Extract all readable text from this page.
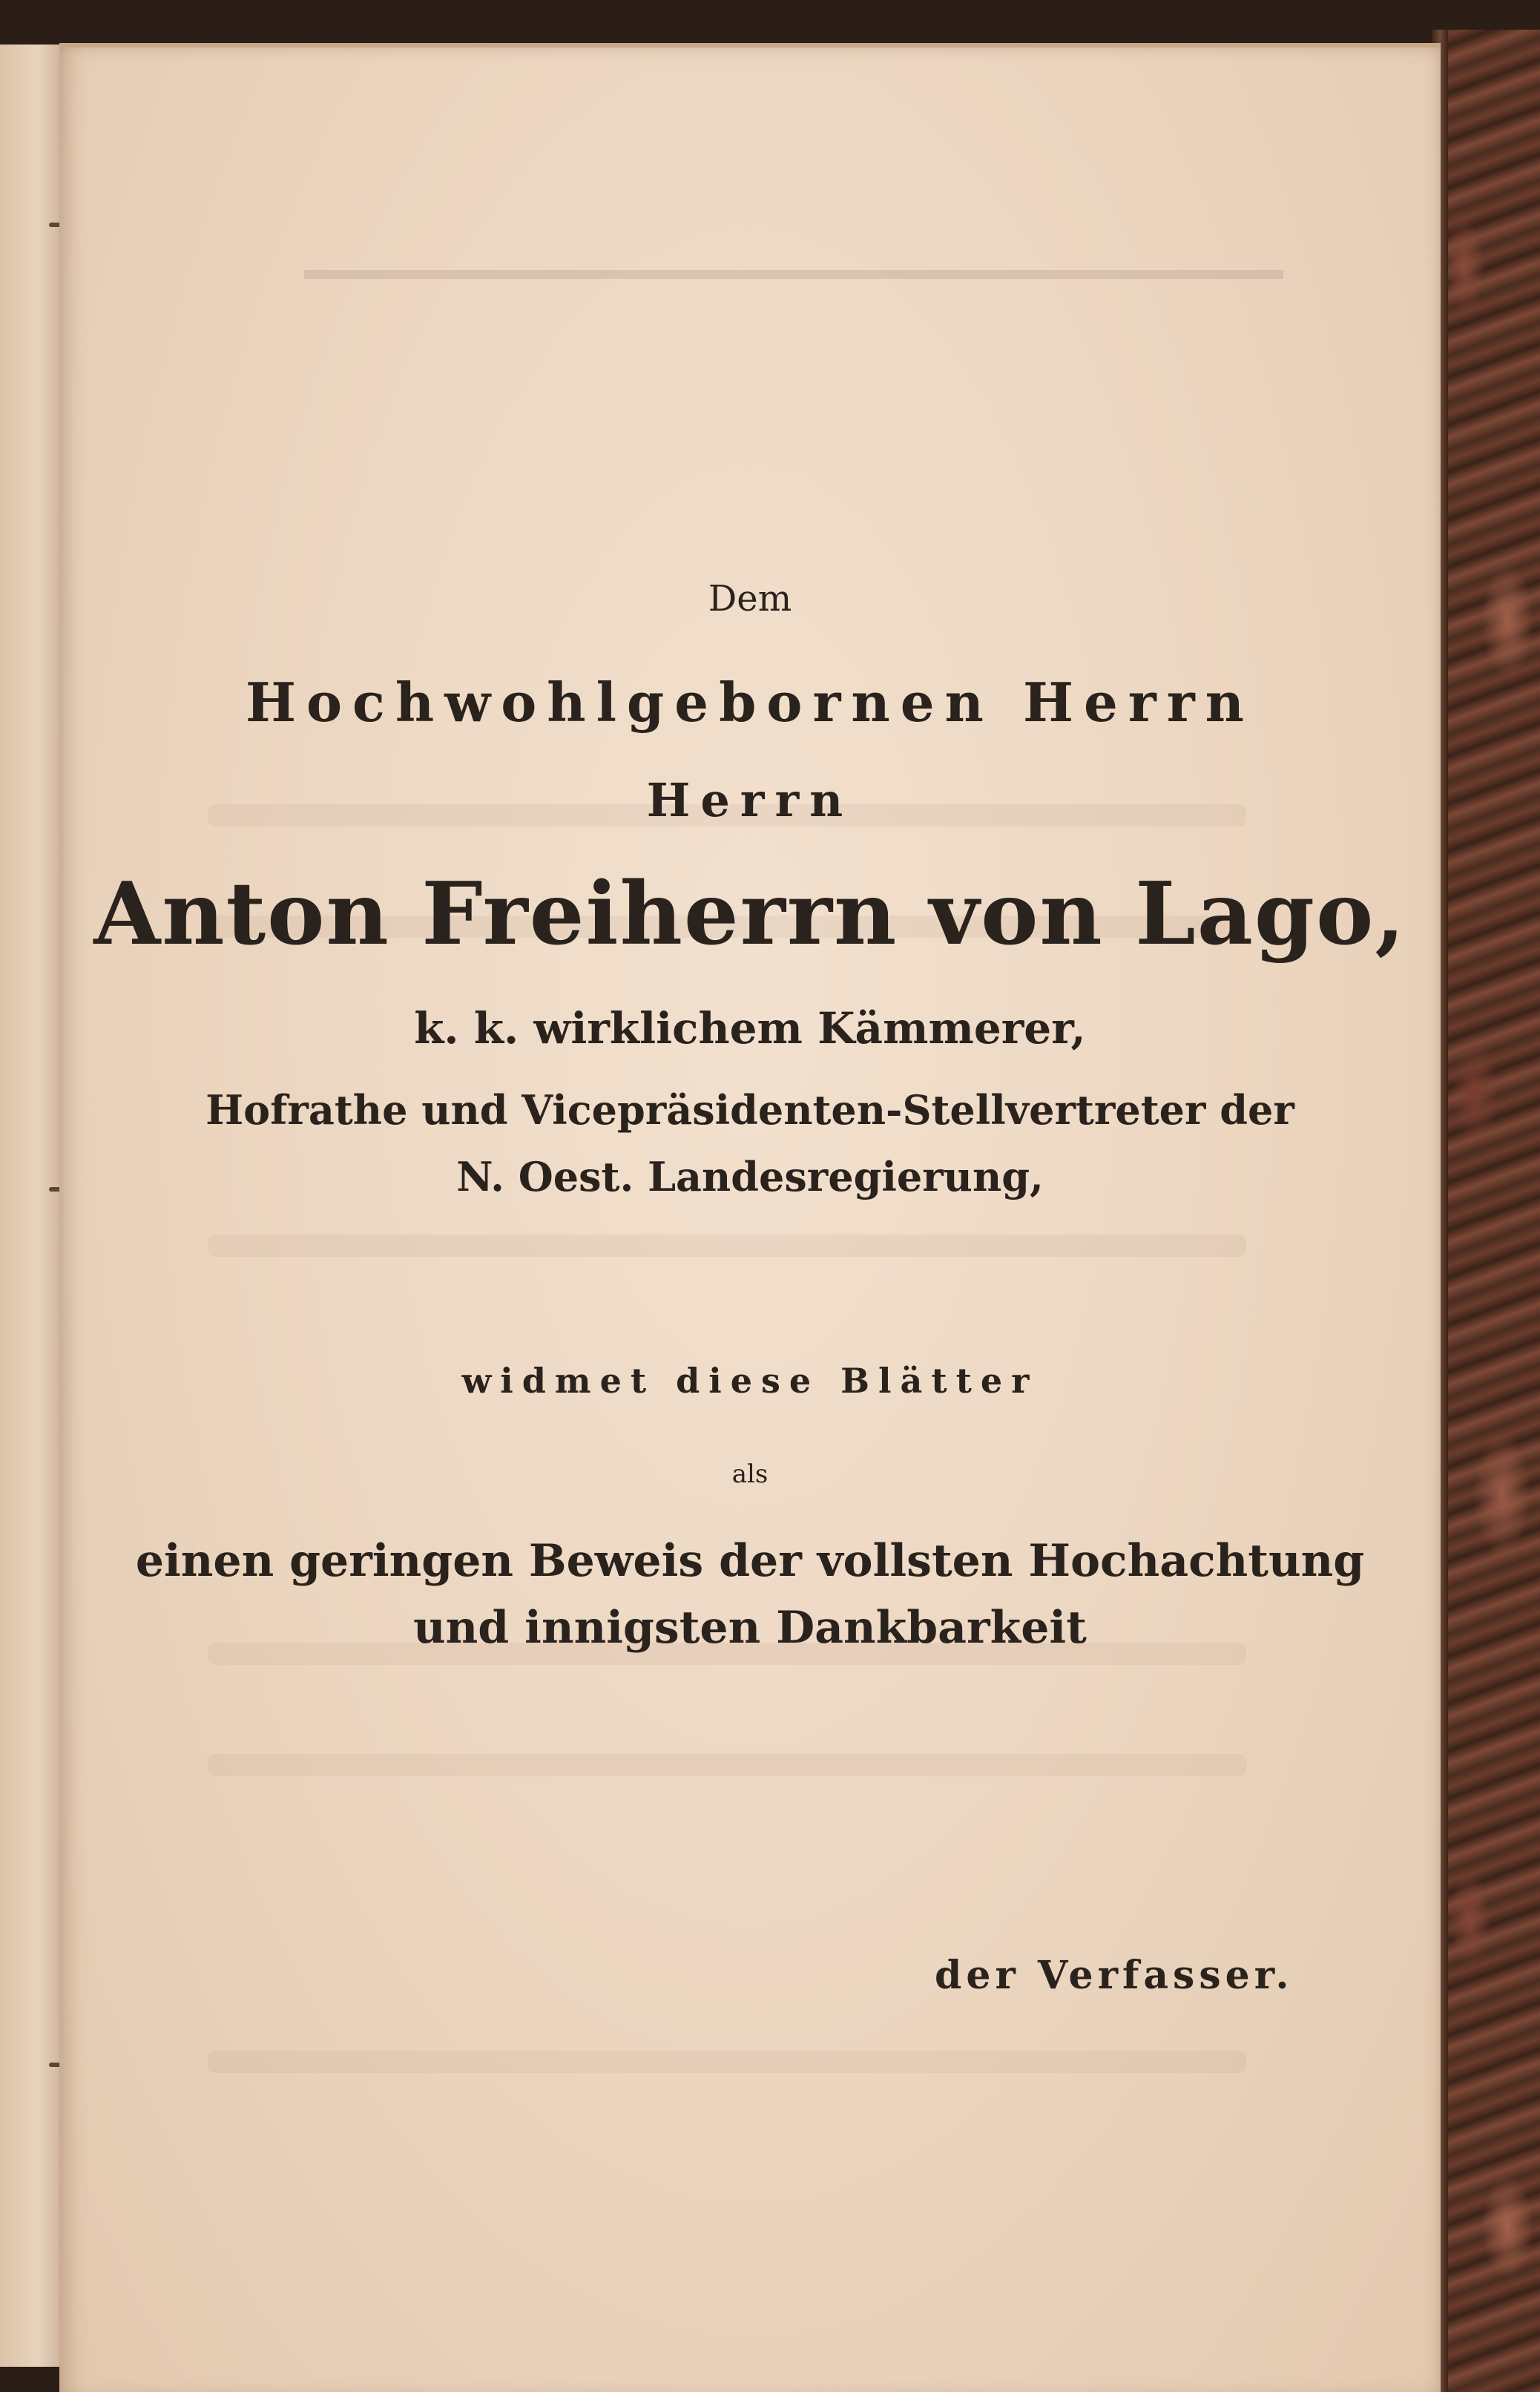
Dem
Hochwohlgebornen Herrn
Herrn
Anton Freiherrn von Lago,
k. k. wirklichem Kämmerer,
Hofrathe und Vicepräsidenten-Stellvertreter der
N. Oest. Landesregierung,
widmet diese Blätter
als
einen geringen Beweis der vollsten Hochachtung
und innigsten Dankbarkeit
der Verfasser.
